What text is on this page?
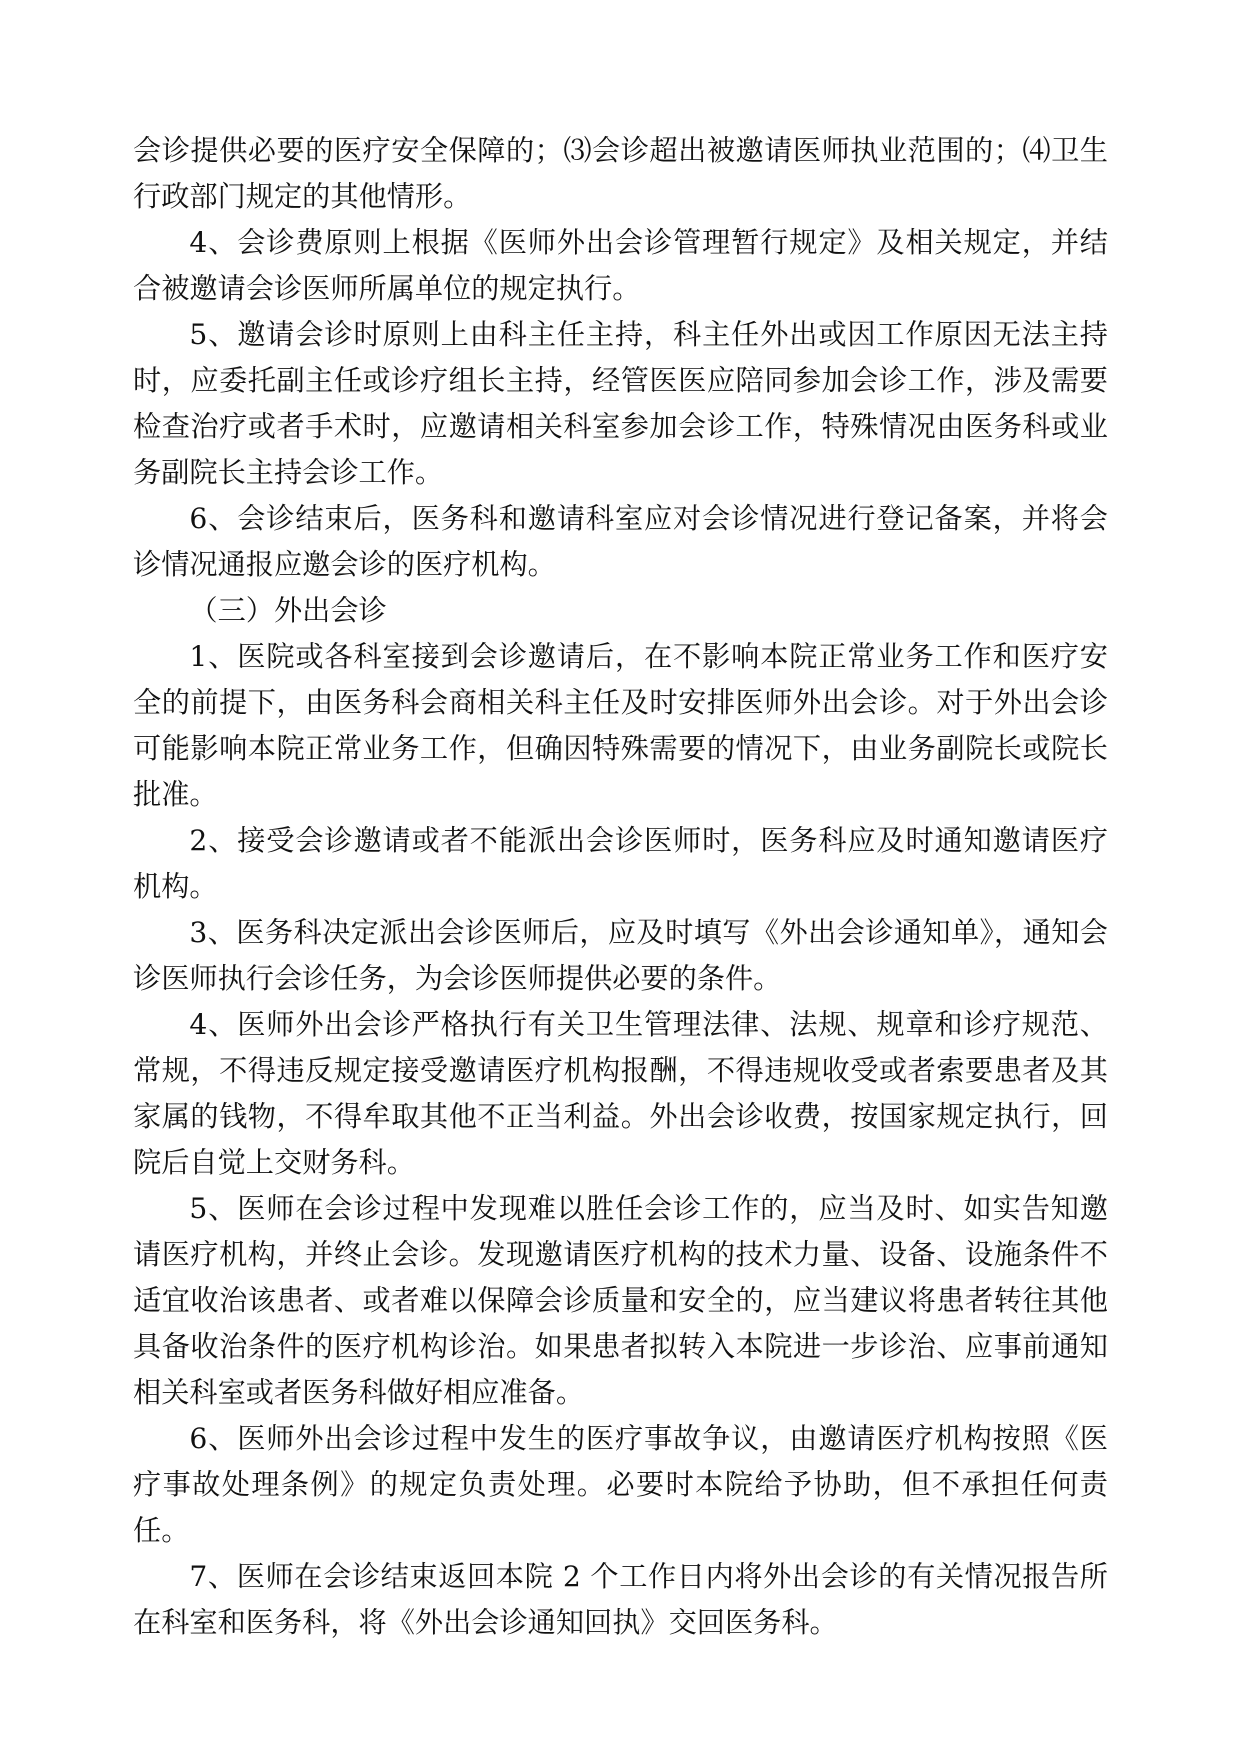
会诊提供必要的医疗安全保障的；⑶会诊超出被邀请医师执业范围的；⑷卫生行政部门规定的其他情形。

4、会诊费原则上根据《医师外出会诊管理暂行规定》及相关规定，并结合被邀请会诊医师所属单位的规定执行。

5、邀请会诊时原则上由科主任主持，科主任外出或因工作原因无法主持时，应委托副主任或诊疗组长主持，经管医医应陪同参加会诊工作，涉及需要检查治疗或者手术时，应邀请相关科室参加会诊工作，特殊情况由医务科或业务副院长主持会诊工作。

6、会诊结束后，医务科和邀请科室应对会诊情况进行登记备案，并将会诊情况通报应邀会诊的医疗机构。

（三）外出会诊

1、医院或各科室接到会诊邀请后，在不影响本院正常业务工作和医疗安全的前提下，由医务科会商相关科主任及时安排医师外出会诊。对于外出会诊可能影响本院正常业务工作，但确因特殊需要的情况下，由业务副院长或院长批准。

2、接受会诊邀请或者不能派出会诊医师时，医务科应及时通知邀请医疗机构。

3、医务科决定派出会诊医师后，应及时填写《外出会诊通知单》，通知会诊医师执行会诊任务，为会诊医师提供必要的条件。

4、医师外出会诊严格执行有关卫生管理法律、法规、规章和诊疗规范、常规，不得违反规定接受邀请医疗机构报酬，不得违规收受或者索要患者及其家属的钱物，不得牟取其他不正当利益。外出会诊收费，按国家规定执行，回院后自觉上交财务科。

5、医师在会诊过程中发现难以胜任会诊工作的，应当及时、如实告知邀请医疗机构，并终止会诊。发现邀请医疗机构的技术力量、设备、设施条件不适宜收治该患者、或者难以保障会诊质量和安全的，应当建议将患者转往其他具备收治条件的医疗机构诊治。如果患者拟转入本院进一步诊治、应事前通知相关科室或者医务科做好相应准备。

6、医师外出会诊过程中发生的医疗事故争议，由邀请医疗机构按照《医疗事故处理条例》的规定负责处理。必要时本院给予协助，但不承担任何责任。

7、医师在会诊结束返回本院 2 个工作日内将外出会诊的有关情况报告所在科室和医务科，将《外出会诊通知回执》交回医务科。
